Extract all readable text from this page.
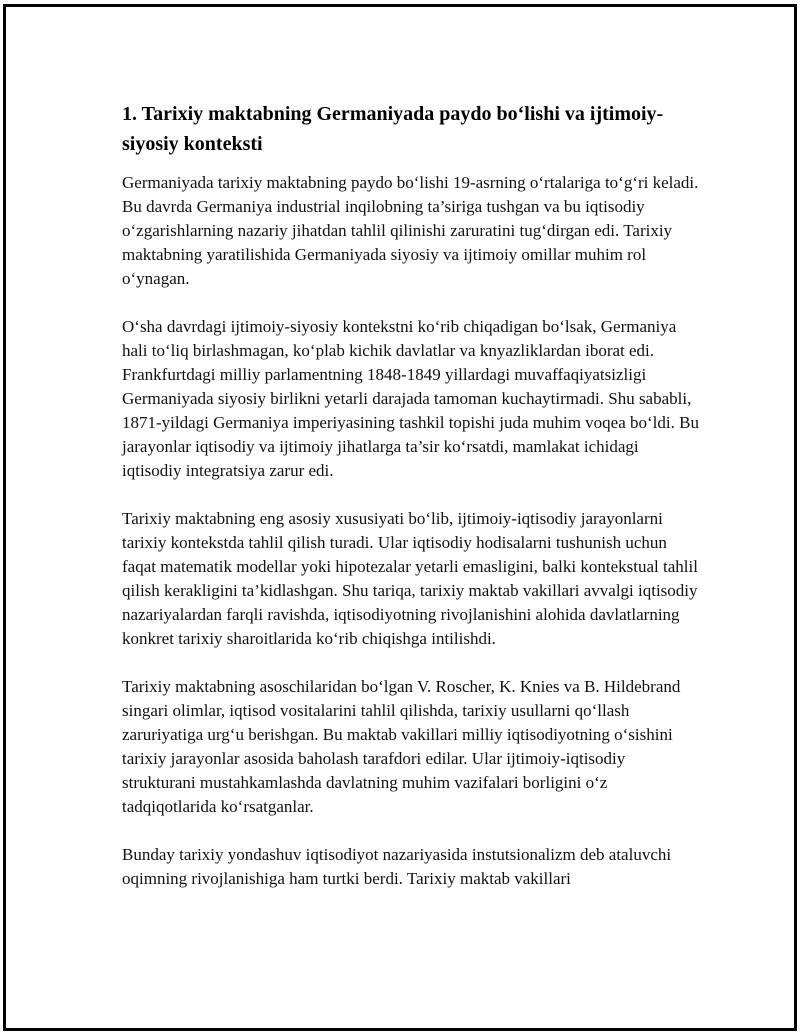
1. Tarixiy maktabning Germaniyada paydo bo‘lishi va ijtimoiy-siyosiy konteksti

Germaniyada tarixiy maktabning paydo bo‘lishi 19-asrning o‘rtalariga to‘g‘ri keladi. Bu davrda Germaniya industrial inqilobning ta’siriga tushgan va bu iqtisodiy o‘zgarishlarning nazariy jihatdan tahlil qilinishi zaruratini tug‘dirgan edi. Tarixiy maktabning yaratilishida Germaniyada siyosiy va ijtimoiy omillar muhim rol o‘ynagan.

O‘sha davrdagi ijtimoiy-siyosiy kontekstni ko‘rib chiqadigan bo‘lsak, Germaniya hali to‘liq birlashmagan, ko‘plab kichik davlatlar va knyazliklardan iborat edi. Frankfurtdagi milliy parlamentning 1848-1849 yillardagi muvaffaqiyatsizligi Germaniyada siyosiy birlikni yetarli darajada tamoman kuchaytirmadi. Shu sababli, 1871-yildagi Germaniya imperiyasining tashkil topishi juda muhim voqea bo‘ldi. Bu jarayonlar iqtisodiy va ijtimoiy jihatlarga ta’sir ko‘rsatdi, mamlakat ichidagi iqtisodiy integratsiya zarur edi.

Tarixiy maktabning eng asosiy xususiyati bo‘lib, ijtimoiy-iqtisodiy jarayonlarni tarixiy kontekstda tahlil qilish turadi. Ular iqtisodiy hodisalarni tushunish uchun faqat matematik modellar yoki hipotezalar yetarli emasligini, balki kontekstual tahlil qilish kerakligini ta’kidlashgan. Shu tariqa, tarixiy maktab vakillari avvalgi iqtisodiy nazariyalardan farqli ravishda, iqtisodiyotning rivojlanishini alohida davlatlarning konkret tarixiy sharoitlarida ko‘rib chiqishga intilishdi.

Tarixiy maktabning asoschilaridan bo‘lgan V. Roscher, K. Knies va B. Hildebrand singari olimlar, iqtisod vositalarini tahlil qilishda, tarixiy usullarni qo‘llash zaruriyatiga urg‘u berishgan. Bu maktab vakillari milliy iqtisodiyotning o‘sishini tarixiy jarayonlar asosida baholash tarafdori edilar. Ular ijtimoiy-iqtisodiy strukturani mustahkamlashda davlatning muhim vazifalari borligini o‘z tadqiqotlarida ko‘rsatganlar.

Bunday tarixiy yondashuv iqtisodiyot nazariyasida instutsionalizm deb ataluvchi oqimning rivojlanishiga ham turtki berdi. Tarixiy maktab vakillari
